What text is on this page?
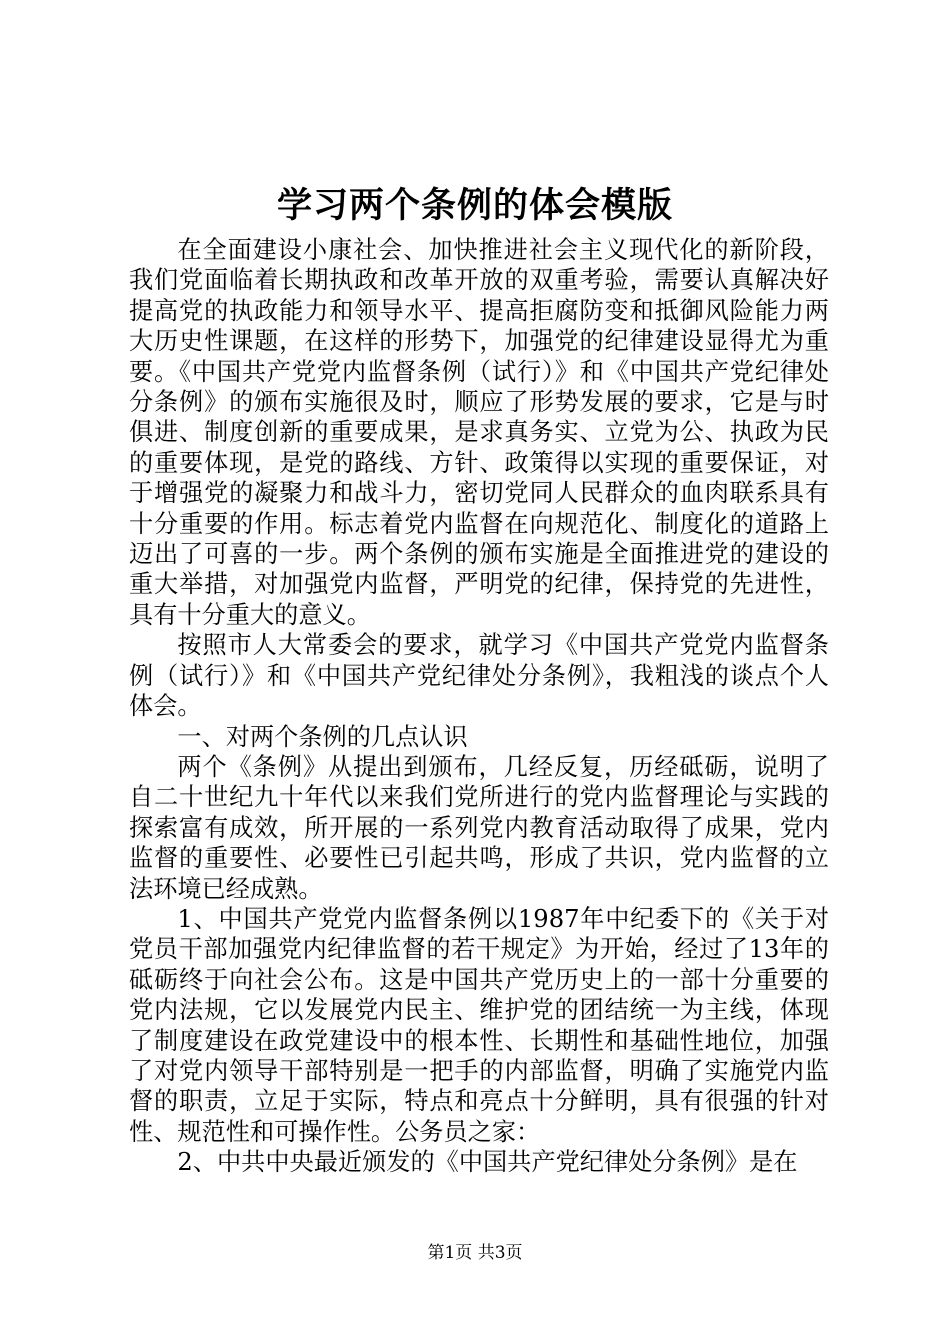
学习两个条例的体会模版

在全面建设小康社会、加快推进社会主义现代化的新阶段，我们党面临着长期执政和改革开放的双重考验，需要认真解决好提高党的执政能力和领导水平、提高拒腐防变和抵御风险能力两大历史性课题，在这样的形势下，加强党的纪律建设显得尤为重要。《中国共产党党内监督条例（试行）》和《中国共产党纪律处分条例》的颁布实施很及时，顺应了形势发展的要求，它是与时俱进、制度创新的重要成果，是求真务实、立党为公、执政为民的重要体现，是党的路线、方针、政策得以实现的重要保证，对于增强党的凝聚力和战斗力，密切党同人民群众的血肉联系具有十分重要的作用。标志着党内监督在向规范化、制度化的道路上迈出了可喜的一步。两个条例的颁布实施是全面推进党的建设的重大举措，对加强党内监督，严明党的纪律，保持党的先进性，具有十分重大的意义。

按照市人大常委会的要求，就学习《中国共产党党内监督条例（试行）》和《中国共产党纪律处分条例》，我粗浅的谈点个人体会。

一、对两个条例的几点认识

两个《条例》从提出到颁布，几经反复，历经砥砺，说明了自二十世纪九十年代以来我们党所进行的党内监督理论与实践的探索富有成效，所开展的一系列党内教育活动取得了成果，党内监督的重要性、必要性已引起共鸣，形成了共识，党内监督的立法环境已经成熟。

1、中国共产党党内监督条例以1987年中纪委下的《关于对党员干部加强党内纪律监督的若干规定》为开始，经过了13年的砥砺终于向社会公布。这是中国共产党历史上的一部十分重要的党内法规，它以发展党内民主、维护党的团结统一为主线，体现了制度建设在政党建设中的根本性、长期性和基础性地位，加强了对党内领导干部特别是一把手的内部监督，明确了实施党内监督的职责，立足于实际，特点和亮点十分鲜明，具有很强的针对性、规范性和可操作性。公务员之家：

2、中共中央最近颁发的《中国共产党纪律处分条例》是在

第1页 共3页
